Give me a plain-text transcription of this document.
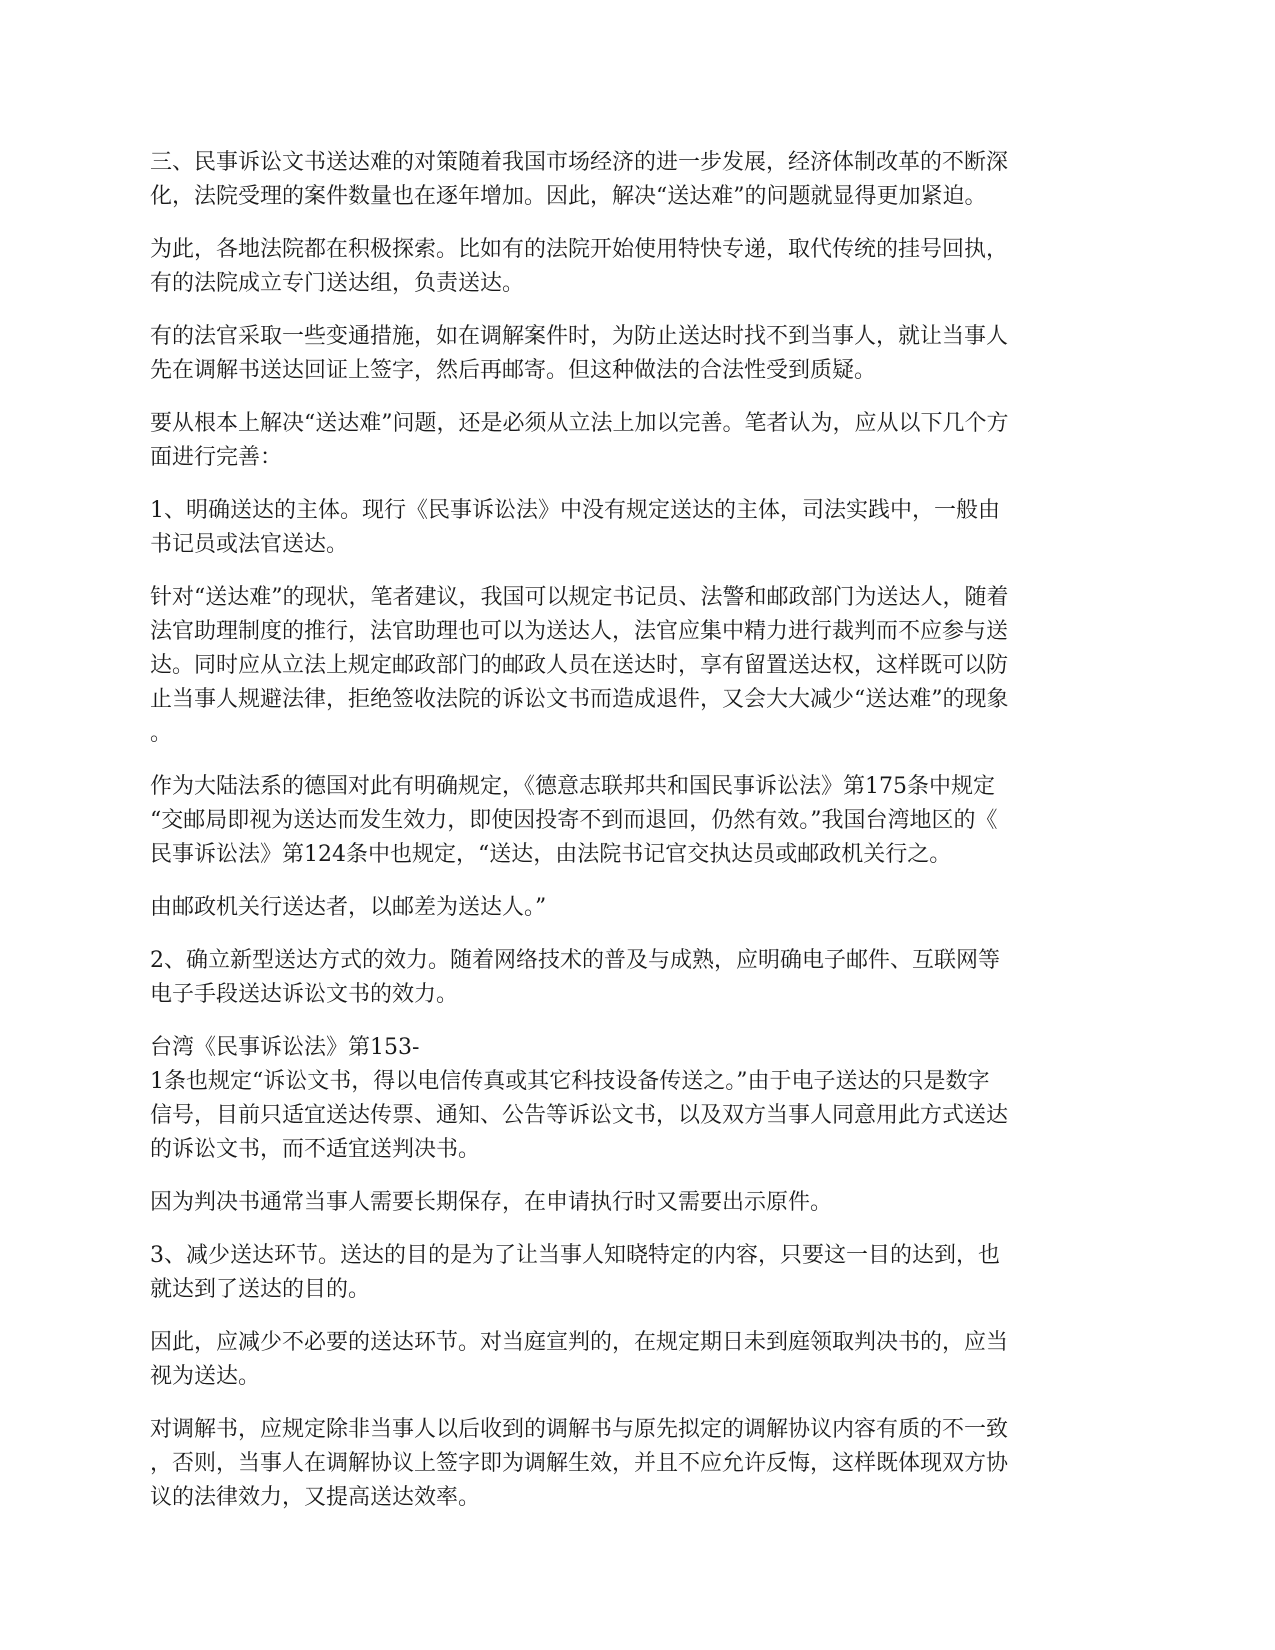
三、民事诉讼文书送达难的对策随着我国市场经济的进一步发展，经济体制改革的不断深
化，法院受理的案件数量也在逐年增加。因此，解决“送达难”的问题就显得更加紧迫。
为此，各地法院都在积极探索。比如有的法院开始使用特快专递，取代传统的挂号回执，
有的法院成立专门送达组，负责送达。
有的法官采取一些变通措施，如在调解案件时，为防止送达时找不到当事人，就让当事人
先在调解书送达回证上签字，然后再邮寄。但这种做法的合法性受到质疑。
要从根本上解决“送达难”问题，还是必须从立法上加以完善。笔者认为，应从以下几个方
面进行完善：
1、明确送达的主体。现行《民事诉讼法》中没有规定送达的主体，司法实践中，一般由
书记员或法官送达。
针对“送达难”的现状，笔者建议，我国可以规定书记员、法警和邮政部门为送达人，随着
法官助理制度的推行，法官助理也可以为送达人，法官应集中精力进行裁判而不应参与送
达。同时应从立法上规定邮政部门的邮政人员在送达时，享有留置送达权，这样既可以防
止当事人规避法律，拒绝签收法院的诉讼文书而造成退件，又会大大减少“送达难”的现象
。
作为大陆法系的德国对此有明确规定，《德意志联邦共和国民事诉讼法》第175条中规定
“交邮局即视为送达而发生效力，即使因投寄不到而退回，仍然有效。”我国台湾地区的《
民事诉讼法》第124条中也规定，“送达，由法院书记官交执达员或邮政机关行之。
由邮政机关行送达者，以邮差为送达人。”
2、确立新型送达方式的效力。随着网络技术的普及与成熟，应明确电子邮件、互联网等
电子手段送达诉讼文书的效力。
台湾《民事诉讼法》第153-
1条也规定“诉讼文书，得以电信传真或其它科技设备传送之。”由于电子送达的只是数字
信号，目前只适宜送达传票、通知、公告等诉讼文书，以及双方当事人同意用此方式送达
的诉讼文书，而不适宜送判决书。
因为判决书通常当事人需要长期保存，在申请执行时又需要出示原件。
3、减少送达环节。送达的目的是为了让当事人知晓特定的内容，只要这一目的达到，也
就达到了送达的目的。
因此，应减少不必要的送达环节。对当庭宣判的，在规定期日未到庭领取判决书的，应当
视为送达。
对调解书，应规定除非当事人以后收到的调解书与原先拟定的调解协议内容有质的不一致
，否则，当事人在调解协议上签字即为调解生效，并且不应允许反悔，这样既体现双方协
议的法律效力，又提高送达效率。
